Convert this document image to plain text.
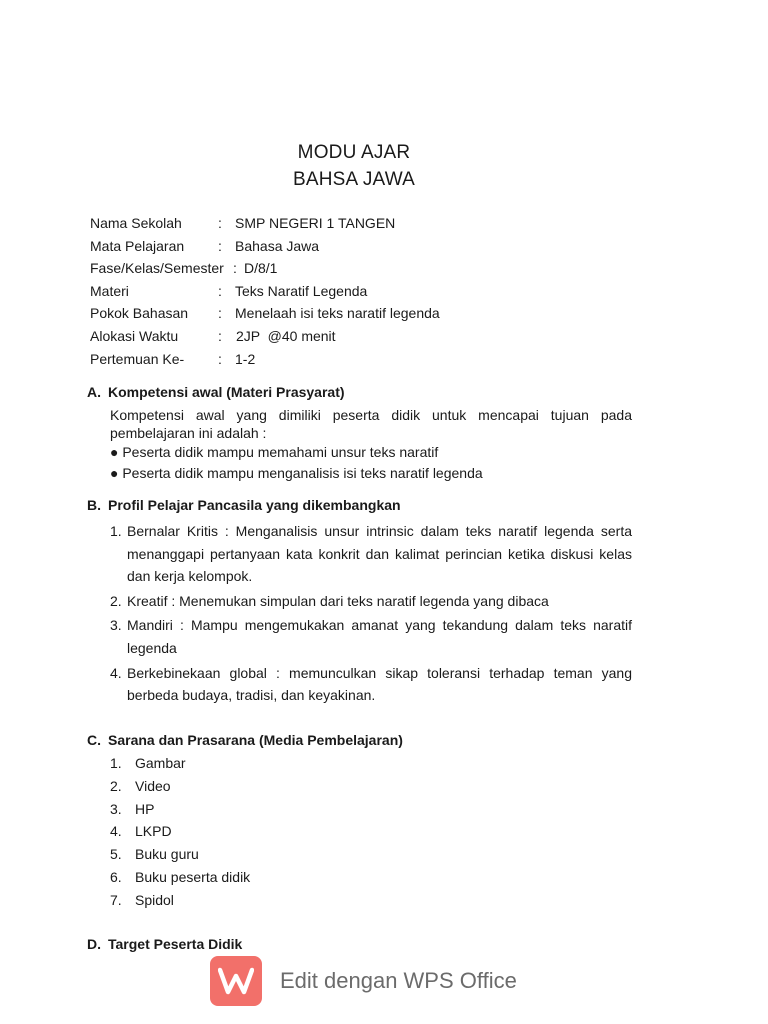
MODU AJAR
BAHSA JAWA
Nama Sekolah	: SMP NEGERI 1 TANGEN
Mata Pelajaran : Bahasa Jawa
Fase/Kelas/Semester : D/8/1
Materi	: Teks Naratif Legenda
Pokok Bahasan : Menelaah isi teks naratif legenda
Alokasi Waktu	: 2JP  @40 menit
Pertemuan Ke- : 1-2
A. Kompetensi awal (Materi Prasyarat)
Kompetensi awal yang dimiliki peserta didik untuk mencapai tujuan pada pembelajaran ini adalah :
● Peserta didik mampu memahami unsur teks naratif
● Peserta didik mampu menganalisis isi teks naratif legenda
B. Profil Pelajar Pancasila yang dikembangkan
1. Bernalar Kritis : Menganalisis unsur intrinsic dalam teks naratif legenda serta menanggapi pertanyaan kata konkrit dan kalimat perincian ketika diskusi kelas dan kerja kelompok.
2. Kreatif : Menemukan simpulan dari teks naratif legenda yang dibaca
3. Mandiri : Mampu mengemukakan amanat yang tekandung dalam teks naratif legenda
4. Berkebinekaan global : memunculkan sikap toleransi terhadap teman yang berbeda budaya, tradisi, dan keyakinan.
C. Sarana dan Prasarana (Media Pembelajaran)
1. Gambar
2. Video
3. HP
4. LKPD
5. Buku guru
6. Buku peserta didik
7. Spidol
D. Target Peserta Didik
Edit dengan WPS Office
